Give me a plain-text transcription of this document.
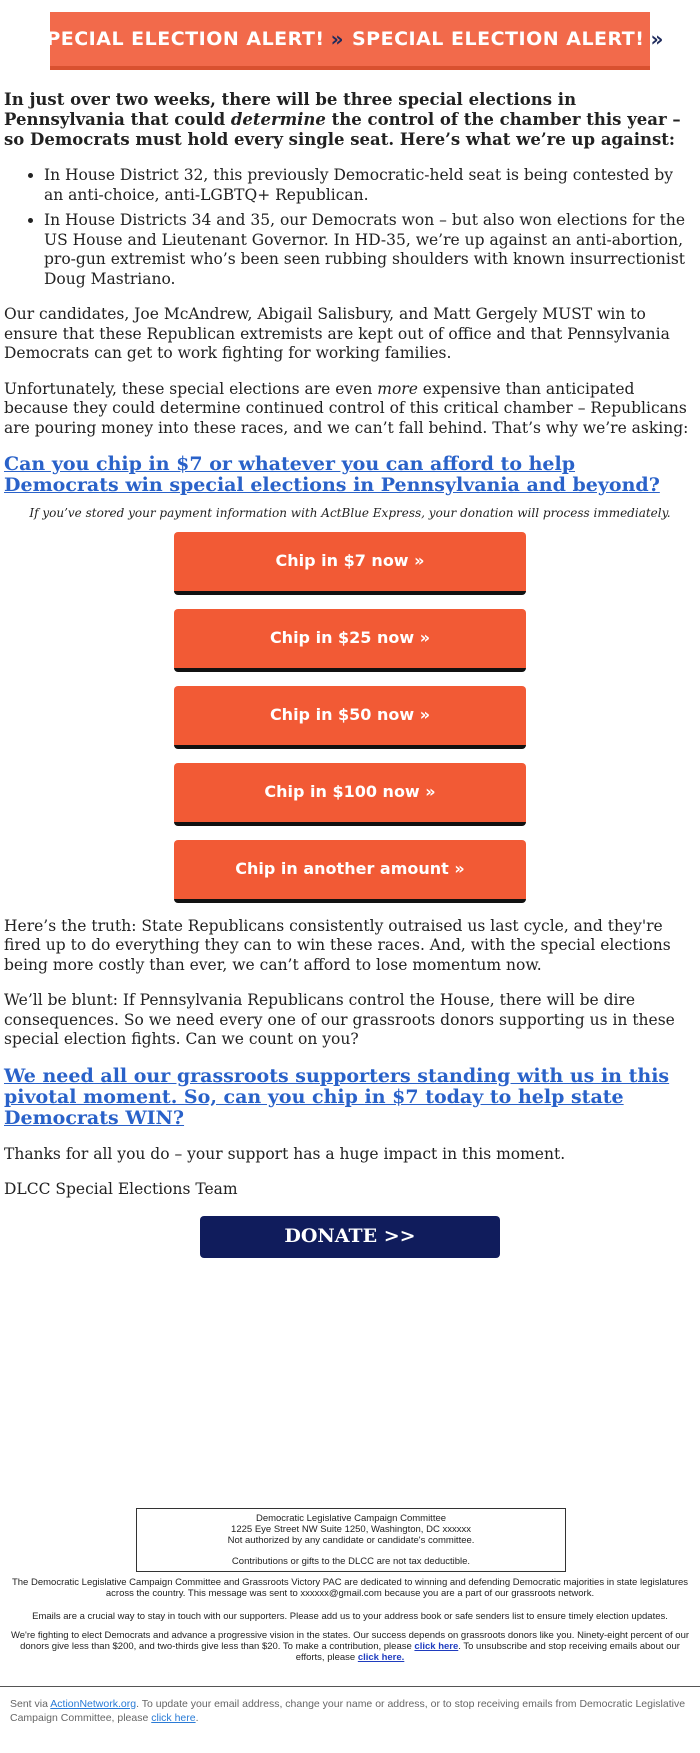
SPECIAL ELECTION ALERT! » SPECIAL ELECTION ALERT! »
In just over two weeks, there will be three special elections in Pennsylvania that could determine the control of the chamber this year – so Democrats must hold every single seat. Here’s what we’re up against:
• In House District 32, this previously Democratic-held seat is being contested by an anti-choice, anti-LGBTQ+ Republican.
• In House Districts 34 and 35, our Democrats won – but also won elections for the US House and Lieutenant Governor. In HD-35, we’re up against an anti-abortion, pro-gun extremist who’s been seen rubbing shoulders with known insurrectionist Doug Mastriano.

Our candidates, Joe McAndrew, Abigail Salisbury, and Matt Gergely MUST win to ensure that these Republican extremists are kept out of office and that Pennsylvania Democrats can get to work fighting for working families.

Unfortunately, these special elections are even more expensive than anticipated because they could determine continued control of this critical chamber – Republicans are pouring money into these races, and we can’t fall behind. That’s why we’re asking:

Can you chip in $7 or whatever you can afford to help Democrats win special elections in Pennsylvania and beyond?
If you’ve stored your payment information with ActBlue Express, your donation will process immediately.
Chip in $7 now »
Chip in $25 now »
Chip in $50 now »
Chip in $100 now »
Chip in another amount »

Here’s the truth: State Republicans consistently outraised us last cycle, and they're fired up to do everything they can to win these races. And, with the special elections being more costly than ever, we can’t afford to lose momentum now.

We’ll be blunt: If Pennsylvania Republicans control the House, there will be dire consequences. So we need every one of our grassroots donors supporting us in these special election fights. Can we count on you?

We need all our grassroots supporters standing with us in this pivotal moment. So, can you chip in $7 today to help state Democrats WIN?

Thanks for all you do – your support has a huge impact in this moment.

DLCC Special Elections Team

DONATE >>
Democratic Legislative Campaign Committee
1225 Eye Street NW Suite 1250, Washington, DC xxxxxx
Not authorized by any candidate or candidate's committee.
Contributions or gifts to the DLCC are not tax deductible.
The Democratic Legislative Campaign Committee and Grassroots Victory PAC are dedicated to winning and defending Democratic majorities in state legislatures across the country. This message was sent to xxxxxx@gmail.com because you are a part of our grassroots network.
Emails are a crucial way to stay in touch with our supporters. Please add us to your address book or safe senders list to ensure timely election updates.
We're fighting to elect Democrats and advance a progressive vision in the states. Our success depends on grassroots donors like you. Ninety-eight percent of our donors give less than $200, and two-thirds give less than $20. To make a contribution, please click here. To unsubscribe and stop receiving emails about our efforts, please click here.
Sent via ActionNetwork.org. To update your email address, change your name or address, or to stop receiving emails from Democratic Legislative Campaign Committee, please click here.
